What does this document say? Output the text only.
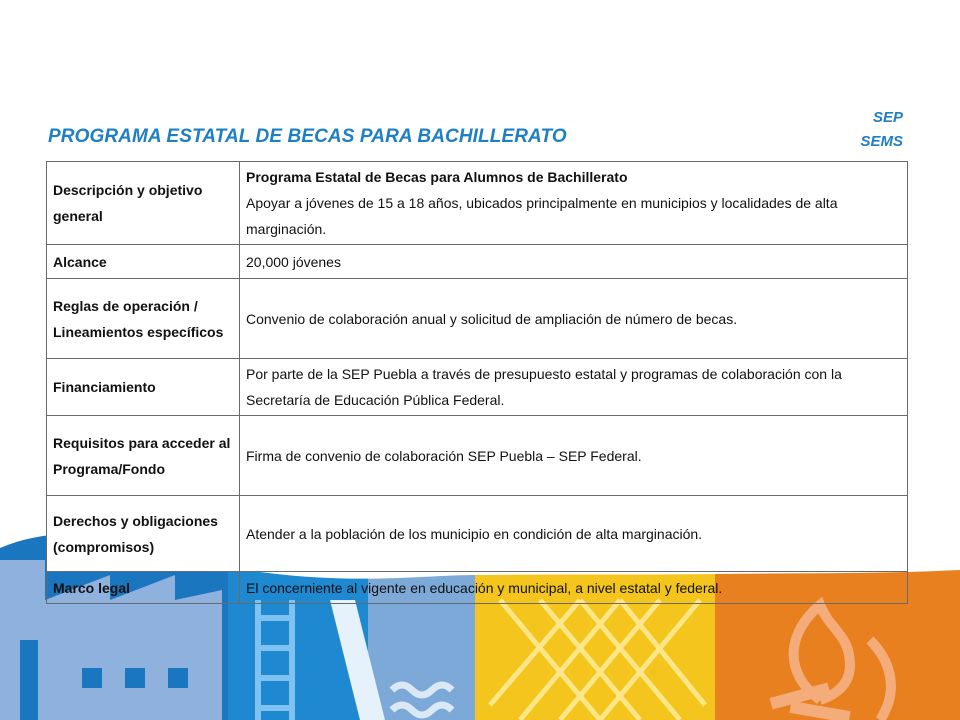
PROGRAMA ESTATAL DE BECAS PARA BACHILLERATO
SEP
SEMS
Descripción y objetivo general	Programa Estatal de Becas para Alumnos de Bachillerato
Apoyar a jóvenes de 15 a 18 años, ubicados principalmente en municipios y localidades de alta marginación.

Alcance	20,000 jóvenes
Reglas de operación / Lineamientos específicos	Convenio de colaboración anual y solicitud de ampliación de número de becas.
Financiamiento	Por parte de la SEP Puebla a través de presupuesto estatal y programas de colaboración con la Secretaría de Educación Pública Federal.
Requisitos para acceder al Programa/Fondo	Firma de convenio de colaboración SEP Puebla – SEP Federal.
Derechos y obligaciones (compromisos)	Atender a la población de los municipio en condición de alta marginación.
Marco legal	El concerniente al vigente en educación y municipal, a nivel estatal y federal.
